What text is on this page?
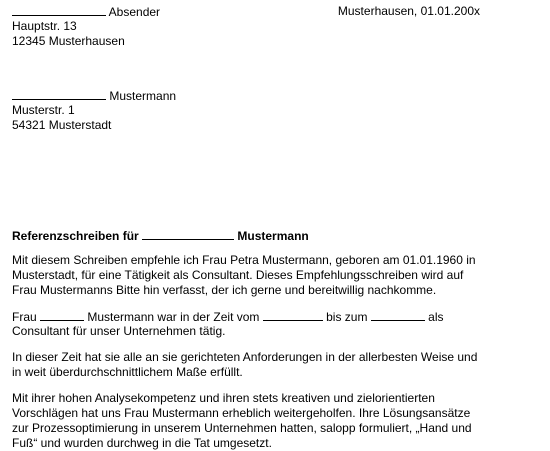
Absender	Musterhausen, 01.01.200x
Hauptstr. 13
12345 Musterhausen
Mustermann
Musterstr. 1
54321 Musterstadt
Referenzschreiben für	Mustermann
Mit diesem Schreiben empfehle ich Frau Petra Mustermann, geboren am 01.01.1960 in Musterstadt, für eine Tätigkeit als Consultant. Dieses Empfehlungsschreiben wird auf Frau Mustermanns Bitte hin verfasst, der ich gerne und bereitwillig nachkomme.
Frau	Mustermann war in der Zeit vom	bis zum	als
Consultant für unser Unternehmen tätig.
In dieser Zeit hat sie alle an sie gerichteten Anforderungen in der allerbesten Weise und in weit überdurchschnittlichem Maße erfüllt.
Mit ihrer hohen Analysekompetenz und ihren stets kreativen und zielorientierten Vorschlägen hat uns Frau Mustermann erheblich weitergeholfen. Ihre Lösungsansätze zur Prozessoptimierung in unserem Unternehmen hatten, salopp formuliert, „Hand und Fuß“ und wurden durchweg in die Tat umgesetzt.
